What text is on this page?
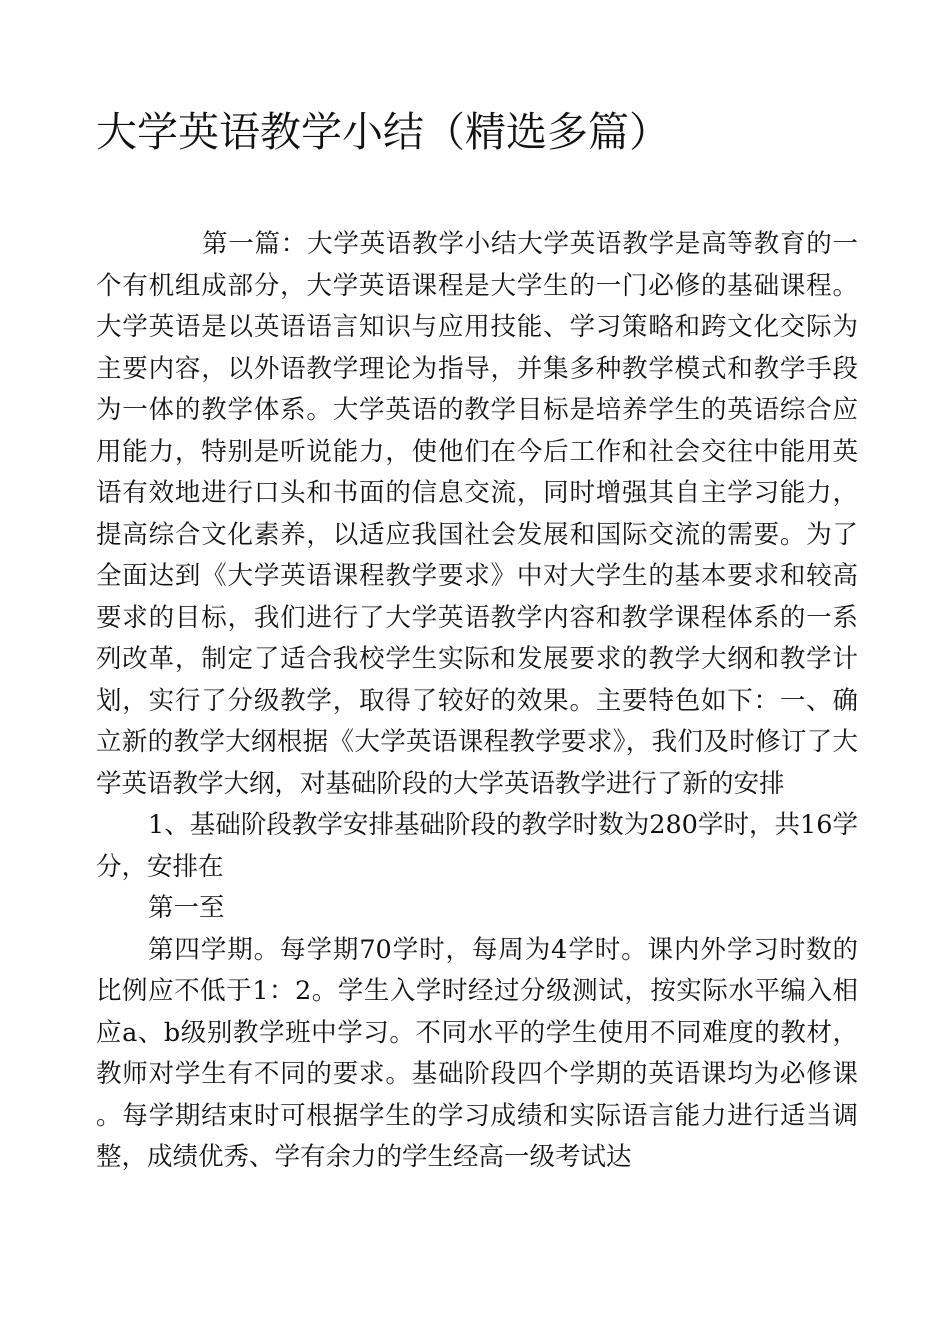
大学英语教学小结（精选多篇）

第一篇：大学英语教学小结大学英语教学是高等教育的一个有机组成部分，大学英语课程是大学生的一门必修的基础课程。大学英语是以英语语言知识与应用技能、学习策略和跨文化交际为主要内容，以外语教学理论为指导，并集多种教学模式和教学手段为一体的教学体系。大学英语的教学目标是培养学生的英语综合应用能力，特别是听说能力，使他们在今后工作和社会交往中能用英语有效地进行口头和书面的信息交流，同时增强其自主学习能力，提高综合文化素养，以适应我国社会发展和国际交流的需要。为了全面达到《大学英语课程教学要求》中对大学生的基本要求和较高要求的目标，我们进行了大学英语教学内容和教学课程体系的一系列改革，制定了适合我校学生实际和发展要求的教学大纲和教学计划，实行了分级教学，取得了较好的效果。主要特色如下：一、确立新的教学大纲根据《大学英语课程教学要求》，我们及时修订了大学英语教学大纲，对基础阶段的大学英语教学进行了新的安排

1、基础阶段教学安排基础阶段的教学时数为280学时，共16学分，安排在

第一至

第四学期。每学期70学时，每周为4学时。课内外学习时数的比例应不低于1：2。学生入学时经过分级测试，按实际水平编入相应a、b级别教学班中学习。不同水平的学生使用不同难度的教材，教师对学生有不同的要求。基础阶段四个学期的英语课均为必修课。每学期结束时可根据学生的学习成绩和实际语言能力进行适当调整，成绩优秀、学有余力的学生经高一级考试达
